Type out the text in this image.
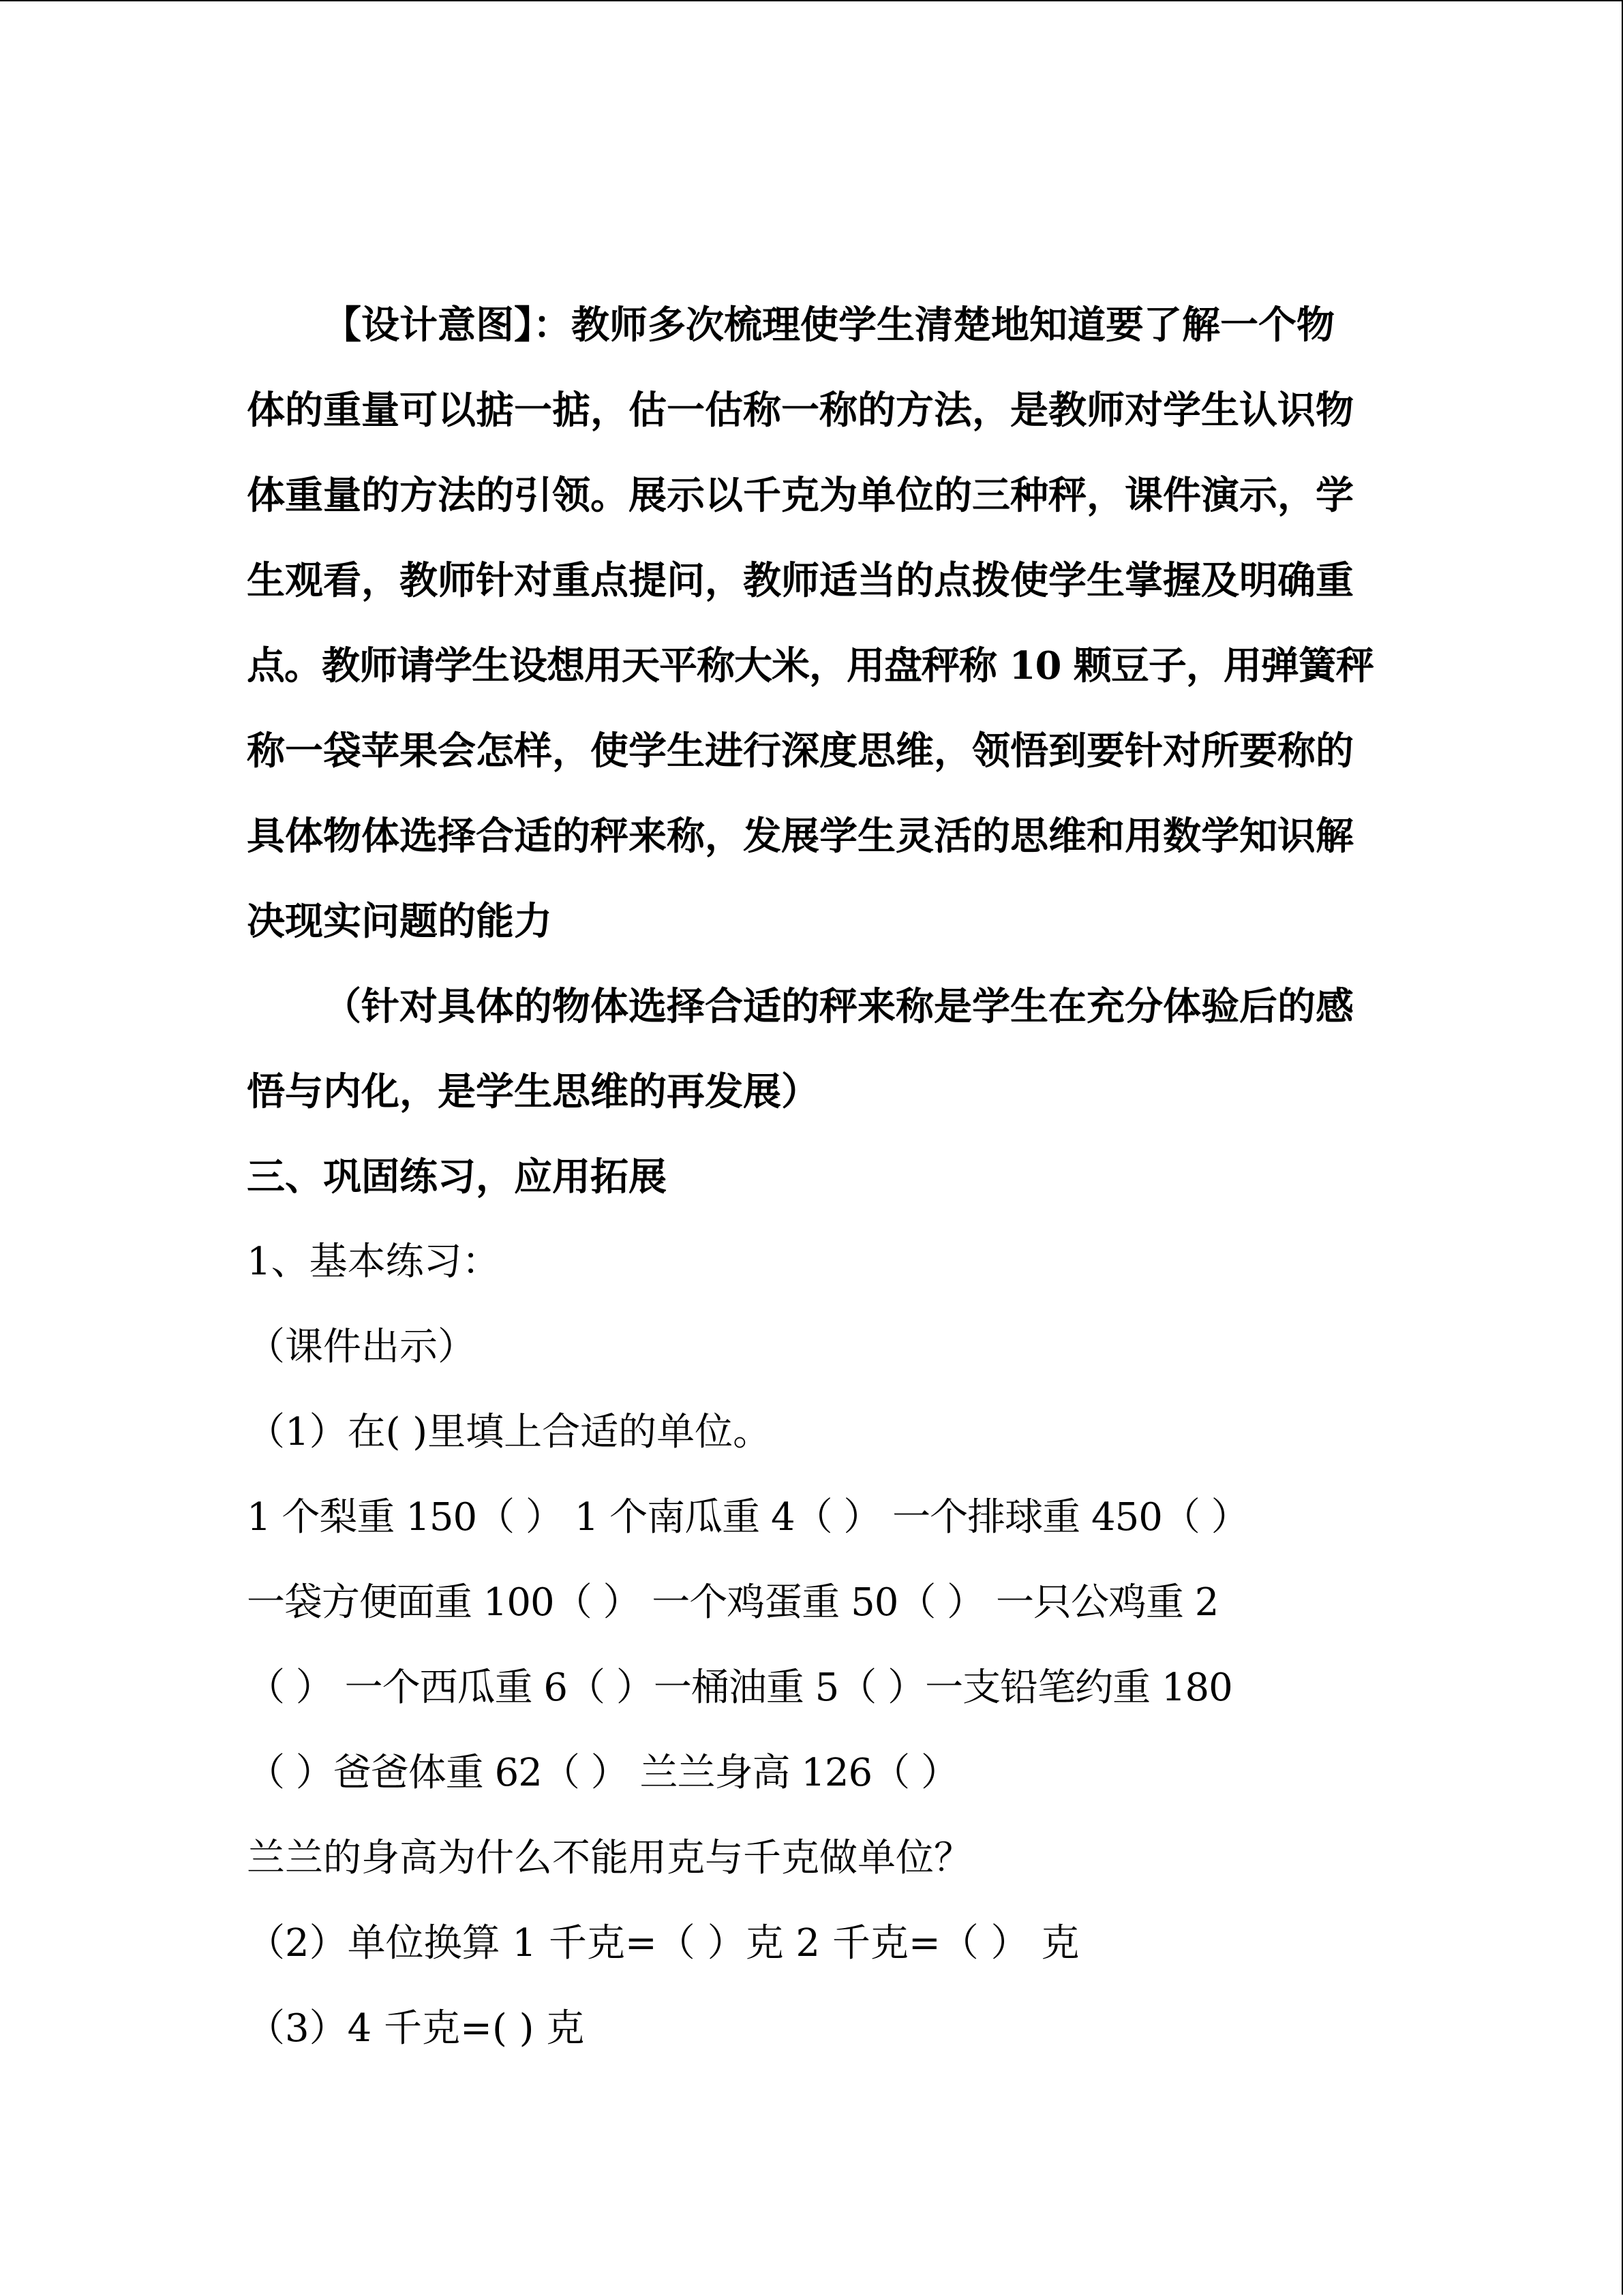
【设计意图】：教师多次梳理使学生清楚地知道要了解一个物
体的重量可以掂一掂，估一估称一称的方法，是教师对学生认识物
体重量的方法的引领。展示以千克为单位的三种秤，课件演示，学
生观看，教师针对重点提问，教师适当的点拨使学生掌握及明确重
点。教师请学生设想用天平称大米，用盘秤称 10 颗豆子，用弹簧秤
称一袋苹果会怎样，使学生进行深度思维，领悟到要针对所要称的
具体物体选择合适的秤来称，发展学生灵活的思维和用数学知识解
决现实问题的能力
（针对具体的物体选择合适的秤来称是学生在充分体验后的感
悟与内化，是学生思维的再发展）
三、巩固练习，应用拓展
1、基本练习：
（课件出示）
（1）在( )里填上合适的单位。
1 个梨重 150（ ） 1 个南瓜重 4（ ） 一个排球重 450（ ）
一袋方便面重 100（ ） 一个鸡蛋重 50（ ） 一只公鸡重 2
（ ） 一个西瓜重 6（ ）一桶油重 5（ ）一支铅笔约重 180
（ ）爸爸体重 62（ ） 兰兰身高 126（ ）
兰兰的身高为什么不能用克与千克做单位？
（2）单位换算 1 千克=（ ）克 2 千克=（ ） 克
（3）4 千克=( ) 克
